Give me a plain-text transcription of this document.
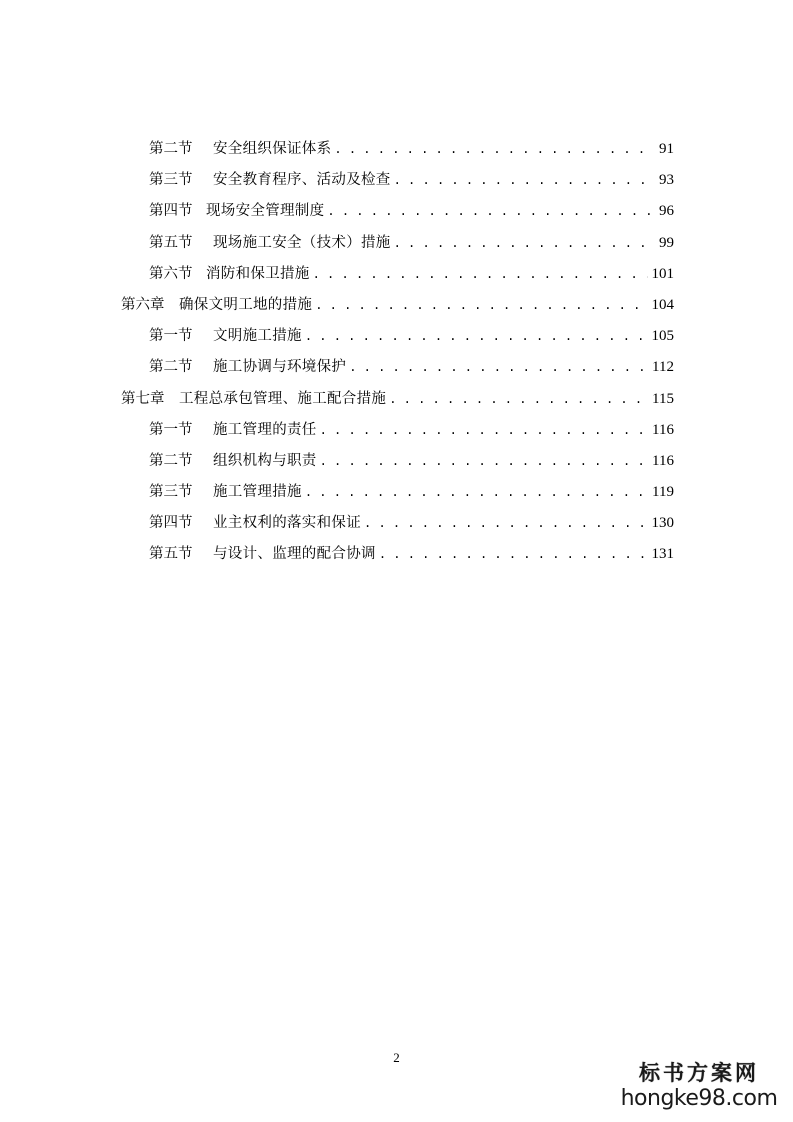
第二节	安全组织保证体系 . . .	91
第三节	安全教育程序、活动及检查 . . .	93
第四节 现场安全管理制度 . . .	96
第五节	现场施工安全（技术）措施 . . .	99
第六节 消防和保卫措施 . . .	101
第六章	确保文明工地的措施 . . .	104
第一节	文明施工措施 . . .	105
第二节	施工协调与环境保护 . . .	112
第七章	工程总承包管理、施工配合措施 . . .	115
第一节	施工管理的责任 . . .	116
第二节	组织机构与职责 . . .	116
第三节	施工管理措施 . . .	119
第四节	业主权利的落实和保证 . . .	130
第五节	与设计、监理的配合协调 . . .	131
2
标书方案网
hongke98.com
